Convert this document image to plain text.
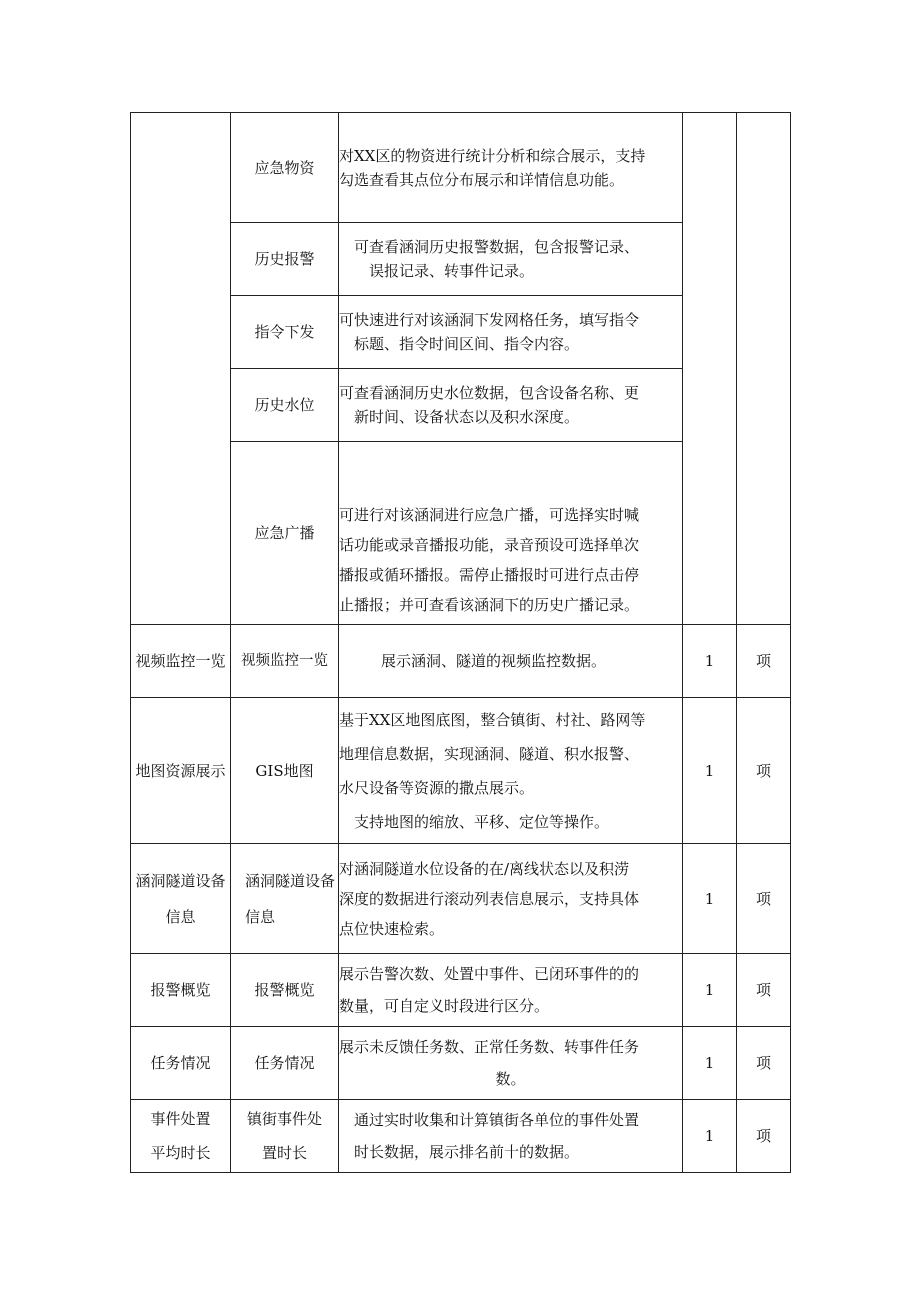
	应急物资	对XX区的物资进行统计分析和综合展示，支持
勾选查看其点位分布展示和详情信息功能。		

	历史报警	可查看涵洞历史报警数据，包含报警记录、
误报记录、转事件记录。		

	指令下发	可快速进行对该涵洞下发网格任务，填写指令
标题、指令时间区间、指令内容。		

	历史水位	可查看涵洞历史水位数据，包含设备名称、更
新时间、设备状态以及积水深度。		

	应急广播	可进行对该涵洞进行应急广播，可选择实时喊
话功能或录音播报功能，录音预设可选择单次
播报或循环播报。需停止播报时可进行点击停
止播报；并可查看该涵洞下的历史广播记录。		

视频监控一览	视频监控一览	展示涵洞、隧道的视频监控数据。	1	项
地图资源展示	GIS地图	基于XX区地图底图，整合镇街、村社、路网等
地理信息数据，实现涵洞、隧道、积水报警、
水尺设备等资源的撒点展示。
支持地图的缩放、平移、定位等操作。	1	项
涵洞隧道设备信息	涵洞隧道设备信息	对涵洞隧道水位设备的在/离线状态以及积涝
深度的数据进行滚动列表信息展示，支持具体
点位快速检索。	1	项
报警概览	报警概览	展示告警次数、处置中事件、已闭环事件的的
数量，可自定义时段进行区分。	1	项
任务情况	任务情况	展示未反馈任务数、正常任务数、转事件任务
数。	1	项
事件处置平均时长	镇街事件处置时长	通过实时收集和计算镇街各单位的事件处置
时长数据，展示排名前十的数据。	1	项
